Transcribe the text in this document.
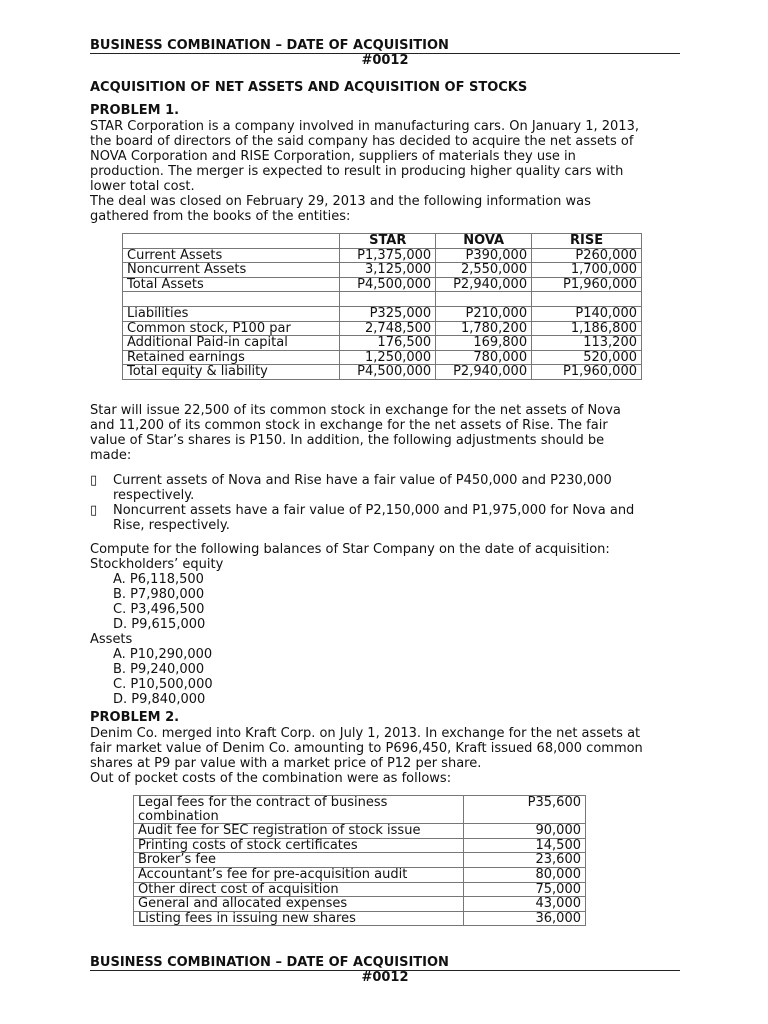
BUSINESS COMBINATION – DATE OF ACQUISITION
#0012
ACQUISITION OF NET ASSETS AND ACQUISITION OF STOCKS
PROBLEM 1.
STAR Corporation is a company involved in manufacturing cars. On January 1, 2013,
the board of directors of the said company has decided to acquire the net assets of
NOVA Corporation and RISE Corporation, suppliers of materials they use in
production. The merger is expected to result in producing higher quality cars with
lower total cost.
The deal was closed on February 29, 2013 and the following information was
gathered from the books of the entities:
	STAR	NOVA	RISE
Current Assets	P1,375,000	P390,000	P260,000
Noncurrent Assets	3,125,000	2,550,000	1,700,000
Total Assets	P4,500,000	P2,940,000	P1,960,000

Liabilities	P325,000	P210,000	P140,000
Common stock, P100 par	2,748,500	1,780,200	1,186,800
Additional Paid-in capital	176,500	169,800	113,200
Retained earnings	1,250,000	780,000	520,000
Total equity & liability	P4,500,000	P2,940,000	P1,960,000
Star will issue 22,500 of its common stock in exchange for the net assets of Nova
and 11,200 of its common stock in exchange for the net assets of Rise. The fair
value of Star’s shares is P150. In addition, the following adjustments should be
made:
▯	Current assets of Nova and Rise have a fair value of P450,000 and P230,000
respectively.
▯	Noncurrent assets have a fair value of P2,150,000 and P1,975,000 for Nova and
Rise, respectively.
Compute for the following balances of Star Company on the date of acquisition:
Stockholders’ equity
A. P6,118,500
B. P7,980,000
C. P3,496,500
D. P9,615,000
Assets
A. P10,290,000
B. P9,240,000
C. P10,500,000
D. P9,840,000
PROBLEM 2.
Denim Co. merged into Kraft Corp. on July 1, 2013. In exchange for the net assets at
fair market value of Denim Co. amounting to P696,450, Kraft issued 68,000 common
shares at P9 par value with a market price of P12 per share.
Out of pocket costs of the combination were as follows:
Legal fees for the contract of business combination	P35,600
Audit fee for SEC registration of stock issue	90,000
Printing costs of stock certificates	14,500
Broker’s fee	23,600
Accountant’s fee for pre-acquisition audit	80,000
Other direct cost of acquisition	75,000
General and allocated expenses	43,000
Listing fees in issuing new shares	36,000
BUSINESS COMBINATION – DATE OF ACQUISITION
#0012
